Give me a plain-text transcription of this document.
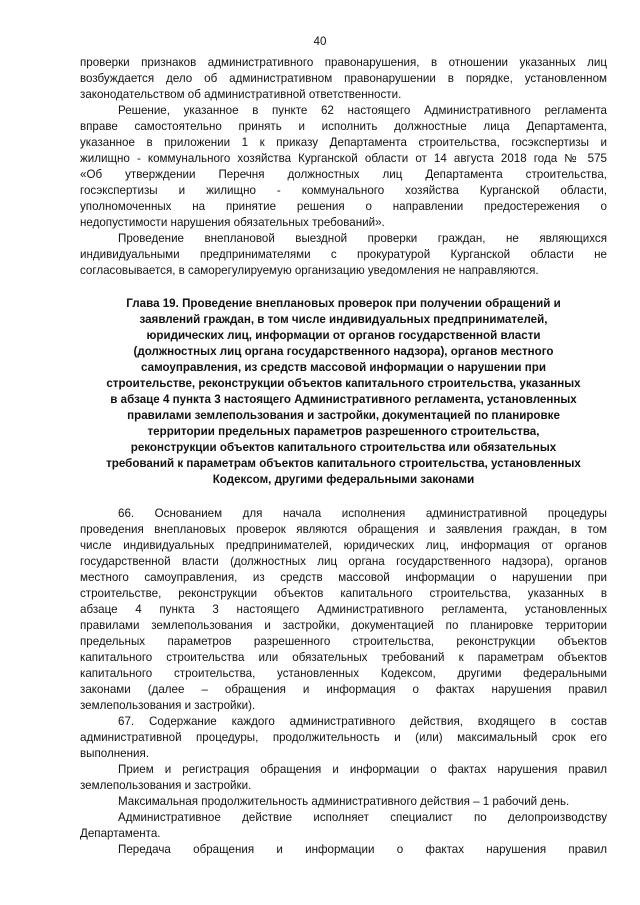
40

проверки признаков административного правонарушения, в отношении указанных лиц

возбуждается дело об административном правонарушении в порядке, установленном

законодательством об административной ответственности.

Решение, указанное в пункте 62 настоящего Административного регламента

вправе самостоятельно принять и исполнить должностные лица Департамента,

указанное в приложении 1 к приказу Департамента строительства, госэкспертизы и

жилищно - коммунального хозяйства Курганской области от 14 августа 2018 года № 575

«Об утверждении Перечня должностных лиц Департамента строительства,

госэкспертизы и жилищно - коммунального хозяйства Курганской области,

уполномоченных на принятие решения о направлении предостережения о

недопустимости нарушения обязательных требований».

Проведение внеплановой выездной проверки граждан, не являющихся

индивидуальными предпринимателями с прокуратурой Курганской области не

согласовывается, в саморегулируемую организацию уведомления не направляются.

Глава 19. Проведение внеплановых проверок при получении обращений и
заявлений граждан, в том числе индивидуальных предпринимателей,
юридических лиц, информации от органов государственной власти
(должностных лиц органа государственного надзора), органов местного
самоуправления, из средств массовой информации о нарушении при
строительстве, реконструкции объектов капитального строительства, указанных
в абзаце 4 пункта 3 настоящего Административного регламента, установленных
правилами землепользования и застройки, документацией по планировке
территории предельных параметров разрешенного строительства,
реконструкции объектов капитального строительства или обязательных
требований к параметрам объектов капитального строительства, установленных
Кодексом, другими федеральными законами

66. Основанием для начала исполнения административной процедуры

проведения внеплановых проверок являются обращения и заявления граждан, в том

числе индивидуальных предпринимателей, юридических лиц, информация от органов

государственной власти (должностных лиц органа государственного надзора), органов

местного самоуправления, из средств массовой информации о нарушении при

строительстве, реконструкции объектов капитального строительства, указанных в

абзаце 4 пункта 3 настоящего Административного регламента, установленных

правилами землепользования и застройки, документацией по планировке территории

предельных параметров разрешенного строительства, реконструкции объектов

капитального строительства или обязательных требований к параметрам объектов

капитального строительства, установленных Кодексом, другими федеральными

законами (далее – обращения и информация о фактах нарушения правил

землепользования и застройки).

67. Содержание каждого административного действия, входящего в состав

административной процедуры, продолжительность и (или) максимальный срок его

выполнения.

Прием и регистрация обращения и информации о фактах нарушения правил

землепользования и застройки.

Максимальная продолжительность административного действия – 1 рабочий день.

Административное действие исполняет специалист по делопроизводству

Департамента.

Передача обращения и информации о фактах нарушения правил
